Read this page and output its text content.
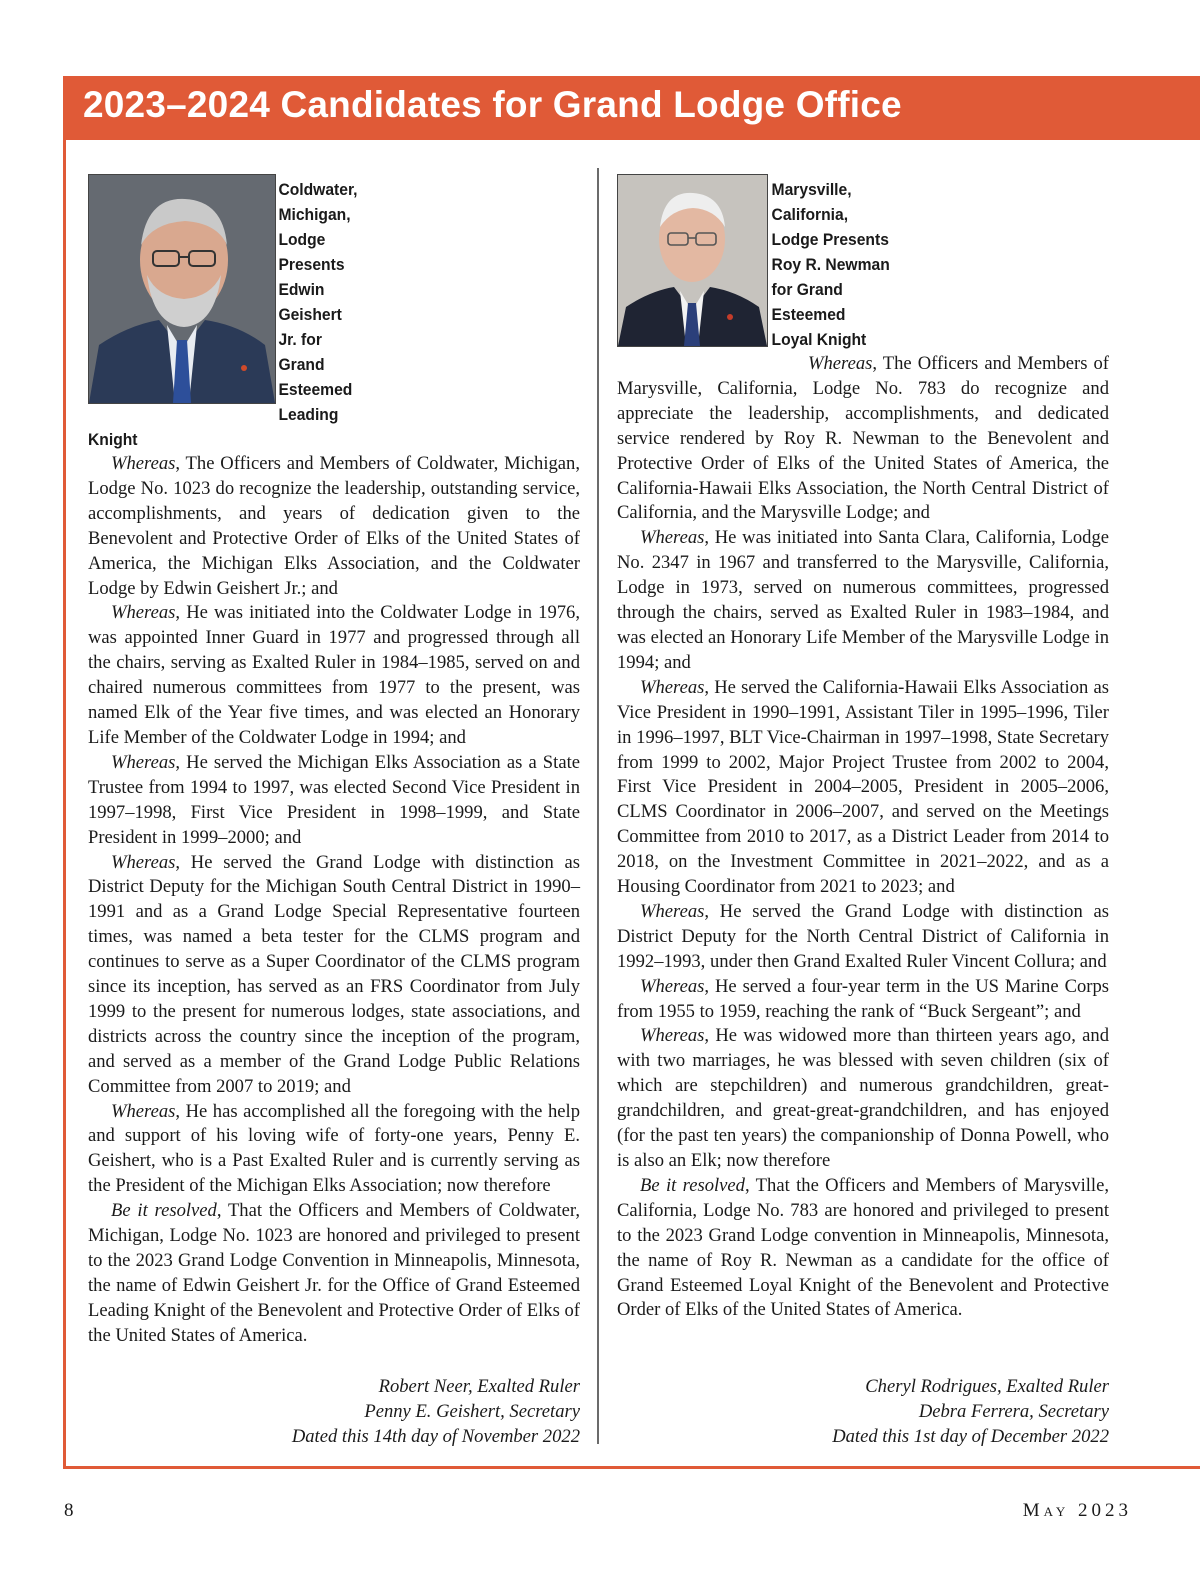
2023–2024 Candidates for Grand Lodge Office
Coldwater, Michigan, Lodge
Presents Edwin Geishert Jr. for
Grand Esteemed Leading Knight

Whereas, The Officers and Members of Coldwater, Michigan, Lodge No. 1023 do recognize the leadership, outstanding service, accomplishments, and years of dedication given to the Benevolent and Protective Order of Elks of the United States of America, the Michigan Elks Association, and the Coldwater Lodge by Edwin Geishert Jr.; and

Whereas, He was initiated into the Coldwater Lodge in 1976, was appointed Inner Guard in 1977 and progressed through all the chairs, serving as Exalted Ruler in 1984–1985, served on and chaired numerous committees from 1977 to the present, was named Elk of the Year five times, and was elected an Honorary Life Member of the Coldwater Lodge in 1994; and

Whereas, He served the Michigan Elks Association as a State Trustee from 1994 to 1997, was elected Second Vice President in 1997–1998, First Vice President in 1998–1999, and State President in 1999–2000; and

Whereas, He served the Grand Lodge with distinction as District Deputy for the Michigan South Central District in 1990–1991 and as a Grand Lodge Special Representative fourteen times, was named a beta tester for the CLMS program and continues to serve as a Super Coordinator of the CLMS program since its inception, has served as an FRS Coordinator from July 1999 to the present for numerous lodges, state associations, and districts across the country since the inception of the program, and served as a member of the Grand Lodge Public Relations Committee from 2007 to 2019; and

Whereas, He has accomplished all the foregoing with the help and support of his loving wife of forty-one years, Penny E. Geishert, who is a Past Exalted Ruler and is currently serving as the President of the Michigan Elks Association; now therefore

Be it resolved, That the Officers and Members of Coldwater, Michigan, Lodge No. 1023 are honored and privileged to present to the 2023 Grand Lodge Convention in Minneapolis, Minnesota, the name of Edwin Geishert Jr. for the Office of Grand Esteemed Leading Knight of the Benevolent and Protective Order of Elks of the United States of America.

Robert Neer, Exalted Ruler
Penny E. Geishert, Secretary
Dated this 14th day of November 2022
Marysville, California, Lodge Presents
Roy R. Newman for Grand Esteemed
Loyal Knight

Whereas, The Officers and Members of Marysville, California, Lodge No. 783 do recognize and appreciate the leadership, accomplishments, and dedicated service rendered by Roy R. Newman to the Benevolent and Protective Order of Elks of the United States of America, the California-Hawaii Elks Association, the North Central District of California, and the Marysville Lodge; and

Whereas, He was initiated into Santa Clara, California, Lodge No. 2347 in 1967 and transferred to the Marysville, California, Lodge in 1973, served on numerous committees, progressed through the chairs, served as Exalted Ruler in 1983–1984, and was elected an Honorary Life Member of the Marysville Lodge in 1994; and

Whereas, He served the California-Hawaii Elks Association as Vice President in 1990–1991, Assistant Tiler in 1995–1996, Tiler in 1996–1997, BLT Vice-Chairman in 1997–1998, State Secretary from 1999 to 2002, Major Project Trustee from 2002 to 2004, First Vice President in 2004–2005, President in 2005–2006, CLMS Coordinator in 2006–2007, and served on the Meetings Committee from 2010 to 2017, as a District Leader from 2014 to 2018, on the Investment Committee in 2021–2022, and as a Housing Coordinator from 2021 to 2023; and

Whereas, He served the Grand Lodge with distinction as District Deputy for the North Central District of California in 1992–1993, under then Grand Exalted Ruler Vincent Collura; and

Whereas, He served a four-year term in the US Marine Corps from 1955 to 1959, reaching the rank of “Buck Sergeant”; and

Whereas, He was widowed more than thirteen years ago, and with two marriages, he was blessed with seven children (six of which are stepchildren) and numerous grandchildren, great-grandchildren, and great-great-grandchildren, and has enjoyed (for the past ten years) the companionship of Donna Powell, who is also an Elk; now therefore

Be it resolved, That the Officers and Members of Marysville, California, Lodge No. 783 are honored and privileged to present to the 2023 Grand Lodge convention in Minneapolis, Minnesota, the name of Roy R. Newman as a candidate for the office of Grand Esteemed Loyal Knight of the Benevolent and Protective Order of Elks of the United States of America.

Cheryl Rodrigues, Exalted Ruler
Debra Ferrera, Secretary
Dated this 1st day of December 2022
8	May 2023
